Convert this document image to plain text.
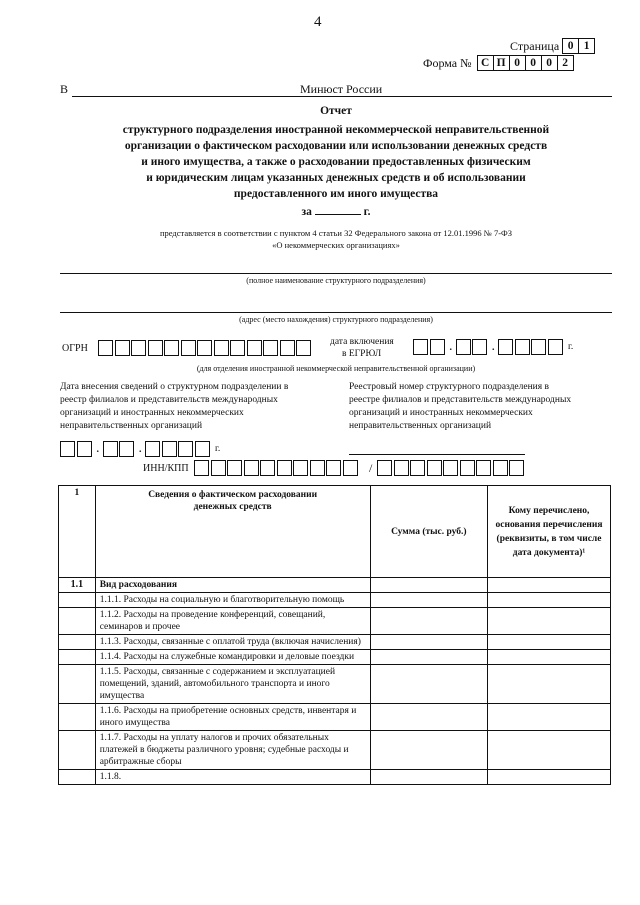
4
Страница 0 1
Форма № С П 0 0 0 2
В	Минюст России
Отчет
структурного подразделения иностранной некоммерческой неправительственной
организации о фактическом расходовании или использовании денежных средств
и иного имущества, а также о расходовании предоставленных физическим
и юридическим лицам указанных денежных средств и об использовании
предоставленного им иного имущества
за	г.
представляется в соответствии с пунктом 4 статьи 32 Федерального закона от 12.01.1996 № 7-ФЗ
«О некоммерческих организациях»
(полное наименование структурного подразделения)
(адрес (место нахождения) структурного подразделения)
ОГРН
дата включения
в ЕГРЮЛ	.	.	г.
(для отделения иностранной некоммерческой неправительственной организации)
Дата внесения сведений о структурном подразделении в
реестр филиалов и представительств международных
организаций и иностранных некоммерческих
неправительственных организаций
.	.	г.
Реестровый номер структурного подразделения в
реестре филиалов и представительств международных
организаций и иностранных некоммерческих
неправительственных организаций
ИНН/КПП	/
1	Сведения о фактическом расходовании денежных средств	Сумма (тыс. руб.)	Кому перечислено, основания перечисления (реквизиты, в том числе дата документа)¹
1.1	Вид расходования		
	1.1.1. Расходы на социальную и благотворительную помощь		
	1.1.2. Расходы на проведение конференций, совещаний, семинаров и прочее		
	1.1.3. Расходы, связанные с оплатой труда (включая начисления)		
	1.1.4. Расходы на служебные командировки и деловые поездки		
	1.1.5. Расходы, связанные с содержанием и эксплуатацией помещений, зданий, автомобильного транспорта и иного имущества		
	1.1.6. Расходы на приобретение основных средств, инвентаря и иного имущества		
	1.1.7. Расходы на уплату налогов и прочих обязательных платежей в бюджеты различного уровня; судебные расходы и арбитражные сборы		
	1.1.8.		
